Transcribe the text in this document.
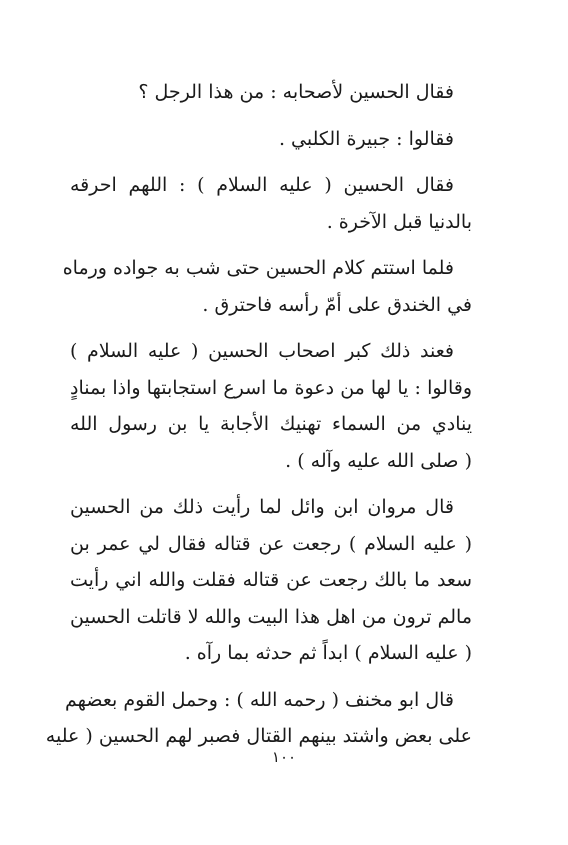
فقال الحسين لأصحابه : من هذا الرجل ؟
فقالوا : جبيرة الكلبي .
فقال الحسين ( عليه السلام ) : اللهم احرقه
بالدنيا قبل الآخرة .
فلما استتم كلام الحسين حتى شب به جواده ورماه
في الخندق على أمّ رأسه فاحترق .
فعند ذلك كبر اصحاب الحسين ( عليه السلام )
وقالوا : يا لها من دعوة ما اسرع استجابتها واذا بمنادٍ
ينادي من السماء تهنيك الأجابة يا بن رسول الله
( صلى الله عليه وآله ) .
قال مروان ابن وائل لما رأيت ذلك من الحسين
( عليه السلام ) رجعت عن قتاله فقال لي عمر بن
سعد ما بالك رجعت عن قتاله فقلت والله اني رأيت
مالم ترون من اهل هذا البيت والله لا قاتلت الحسين
( عليه السلام ) ابداً ثم حدثه بما رآه .
قال ابو مخنف ( رحمه الله ) : وحمل القوم بعضهم
على بعض واشتد بينهم القتال فصبر لهم الحسين ( عليه
١٠٠
